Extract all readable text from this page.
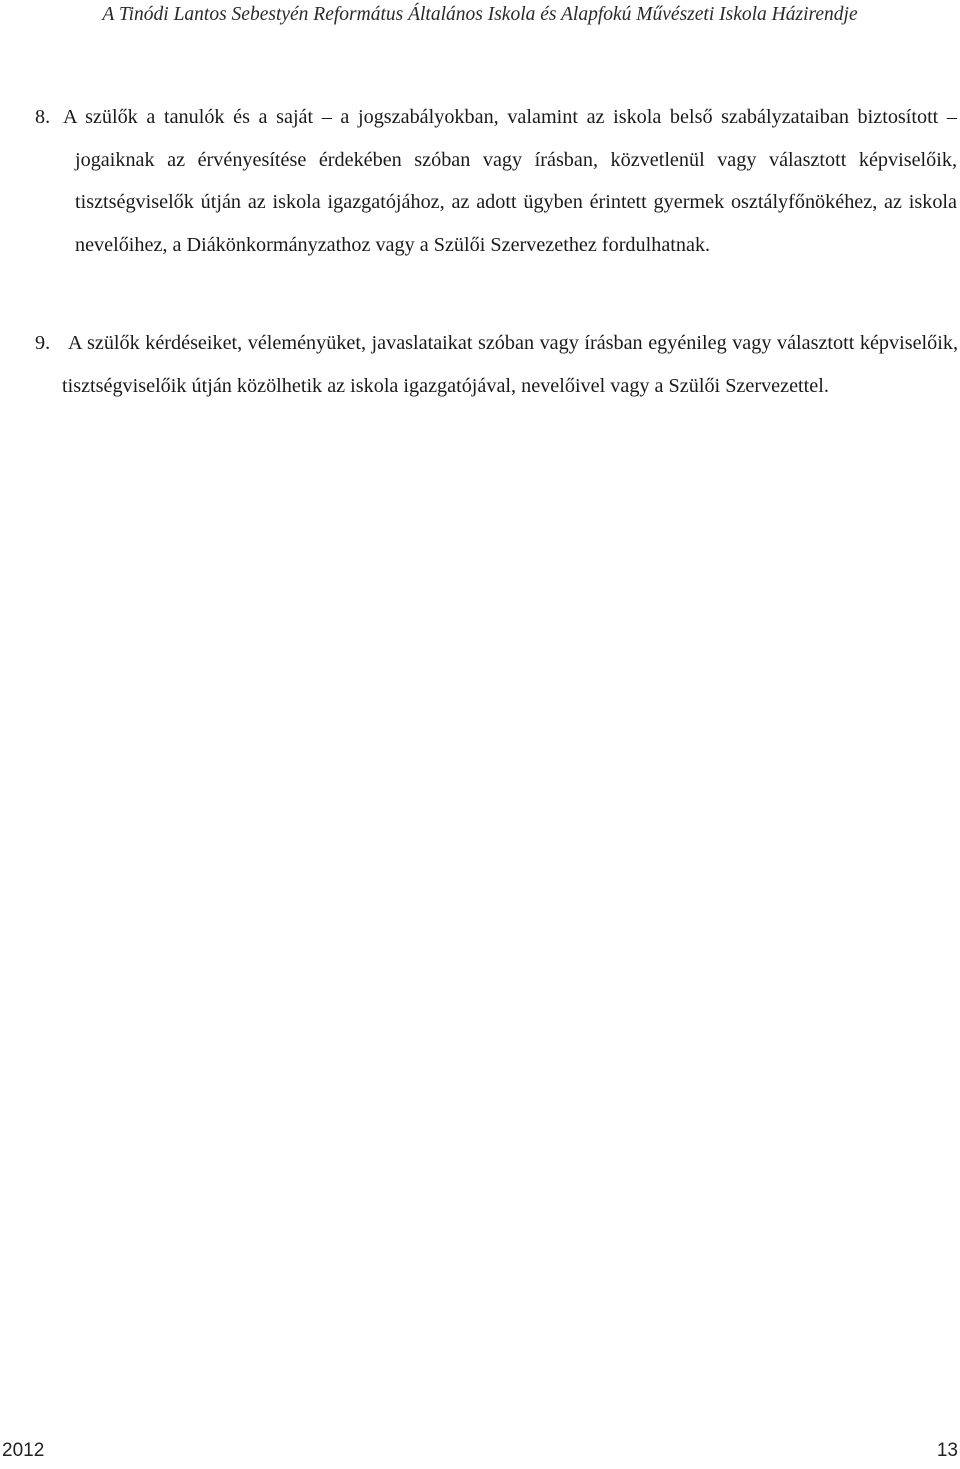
A Tinódi Lantos Sebestyén Református Általános Iskola és Alapfokú Művészeti Iskola Házirendje
8. A szülők a tanulók és a saját – a jogszabályokban, valamint az iskola belső szabályzataiban biztosított – jogaiknak az érvényesítése érdekében szóban vagy írásban, közvetlenül vagy választott képviselőik, tisztségviselők útján az iskola igazgatójához, az adott ügyben érintett gyermek osztályfőnökéhez, az iskola nevelőihez, a Diákönkormányzathoz vagy a Szülői Szervezethez fordulhatnak.

9. A szülők kérdéseiket, véleményüket, javaslataikat szóban vagy írásban egyénileg vagy választott képviselőik, tisztségviselőik útján közölhetik az iskola igazgatójával, nevelőivel vagy a Szülői Szervezettel.

2012	13
